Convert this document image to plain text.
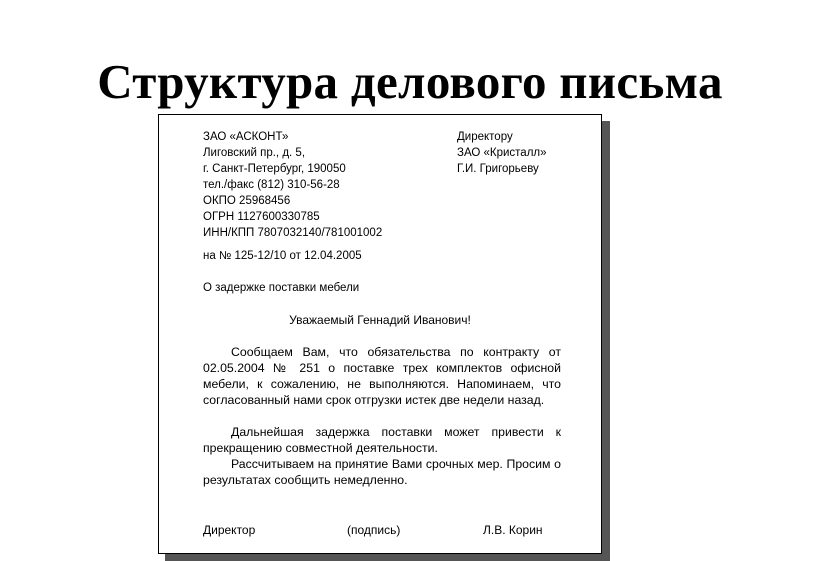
Структура делового письма
ЗАО «АСКОНТ»
Лиговский пр., д. 5,
г. Санкт-Петербург, 190050
тел./факс (812) 310-56-28
ОКПО 25968456
ОГРН 1127600330785
ИНН/КПП 7807032140/781001002
Директору
ЗАО «Кристалл»
Г.И. Григорьеву
на № 125-12/10 от 12.04.2005
О задержке поставки мебели
Уважаемый Геннадий Иванович!
Сообщаем Вам, что обязательства по контракту от 02.05.2004 № 251 о поставке трех комплектов офисной мебели, к сожалению, не выполняются. Напоминаем, что согласованный нами срок отгрузки истек две недели назад.
Дальнейшая задержка поставки может привести к прекращению совместной деятельности.
Рассчитываем на принятие Вами срочных мер. Просим о результатах сообщить немедленно.
Директор	(подпись)	Л.В. Корин
